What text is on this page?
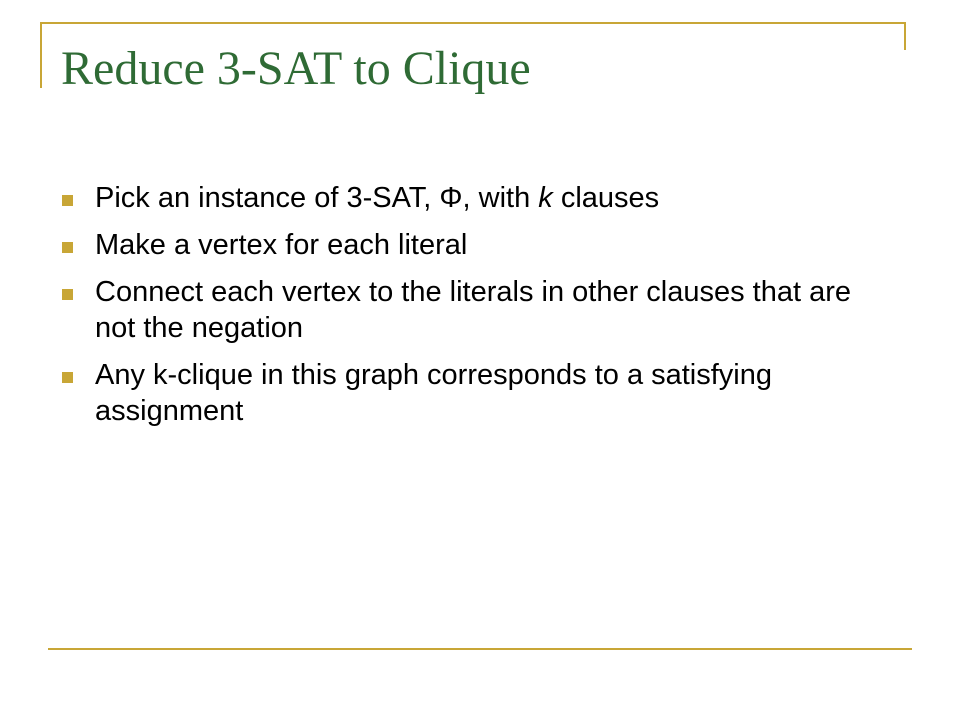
Reduce 3-SAT to Clique
Pick an instance of 3-SAT, Φ, with k clauses
Make a vertex for each literal
Connect each vertex to the literals in other clauses that are not the negation
Any k-clique in this graph corresponds to a satisfying assignment
